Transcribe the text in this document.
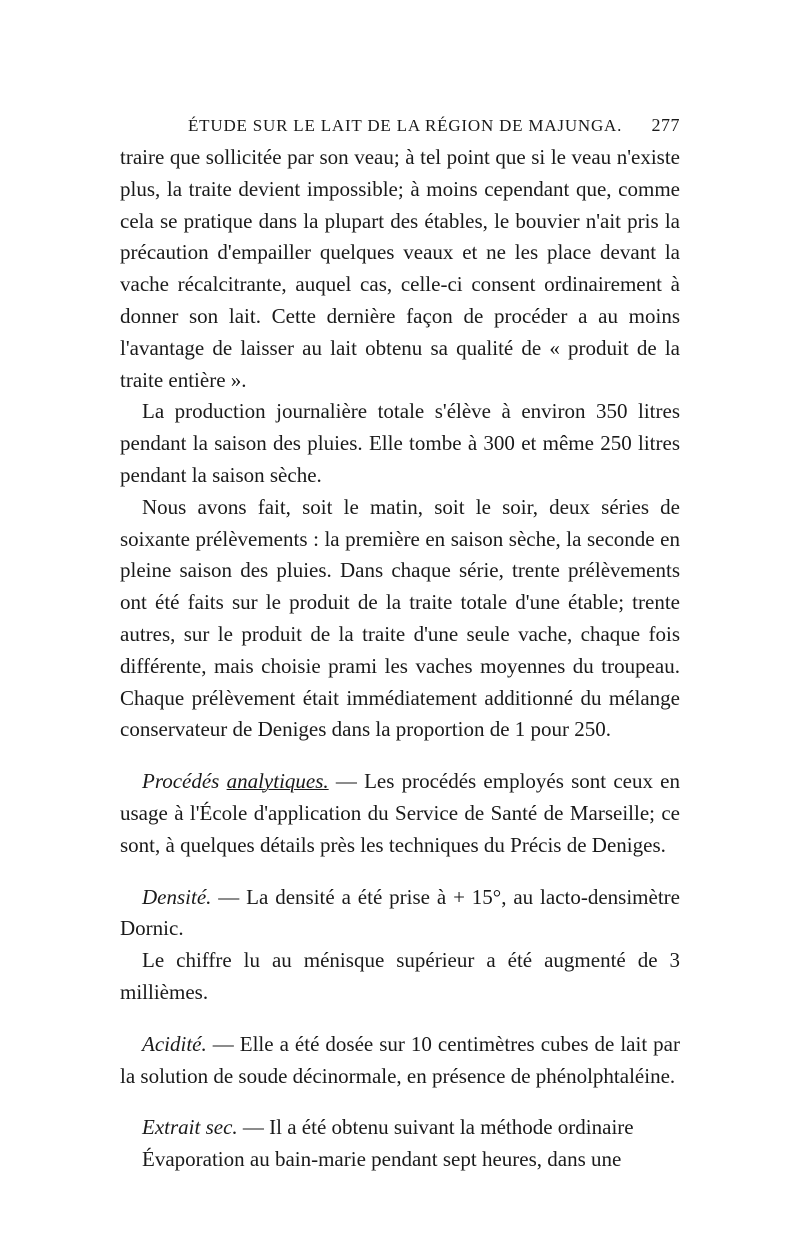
ÉTUDE SUR LE LAIT DE LA RÉGION DE MAJUNGA. 277

traire que sollicitée par son veau; à tel point que si le veau n'existe plus, la traite devient impossible; à moins cependant que, comme cela se pratique dans la plupart des étables, le bouvier n'ait pris la précaution d'empailler quelques veaux et ne les place devant la vache récalcitrante, auquel cas, celle-ci consent ordinairement à donner son lait. Cette dernière façon de procéder a au moins l'avantage de laisser au lait obtenu sa qualité de « produit de la traite entière ».

La production journalière totale s'élève à environ 350 litres pendant la saison des pluies. Elle tombe à 300 et même 250 litres pendant la saison sèche.

Nous avons fait, soit le matin, soit le soir, deux séries de soixante prélèvements : la première en saison sèche, la seconde en pleine saison des pluies. Dans chaque série, trente prélèvements ont été faits sur le produit de la traite totale d'une étable; trente autres, sur le produit de la traite d'une seule vache, chaque fois différente, mais choisie prami les vaches moyennes du troupeau. Chaque prélèvement était immédiatement additionné du mélange conservateur de Deniges dans la proportion de 1 pour 250.

Procédés analytiques. — Les procédés employés sont ceux en usage à l'École d'application du Service de Santé de Marseille; ce sont, à quelques détails près les techniques du Précis de Deniges.

Densité. — La densité a été prise à + 15°, au lacto-densimètre Dornic.

Le chiffre lu au ménisque supérieur a été augmenté de 3 millièmes.

Acidité. — Elle a été dosée sur 10 centimètres cubes de lait par la solution de soude décinormale, en présence de phénolphtaléine.

Extrait sec. — Il a été obtenu suivant la méthode ordinaire

Évaporation au bain-marie pendant sept heures, dans une
